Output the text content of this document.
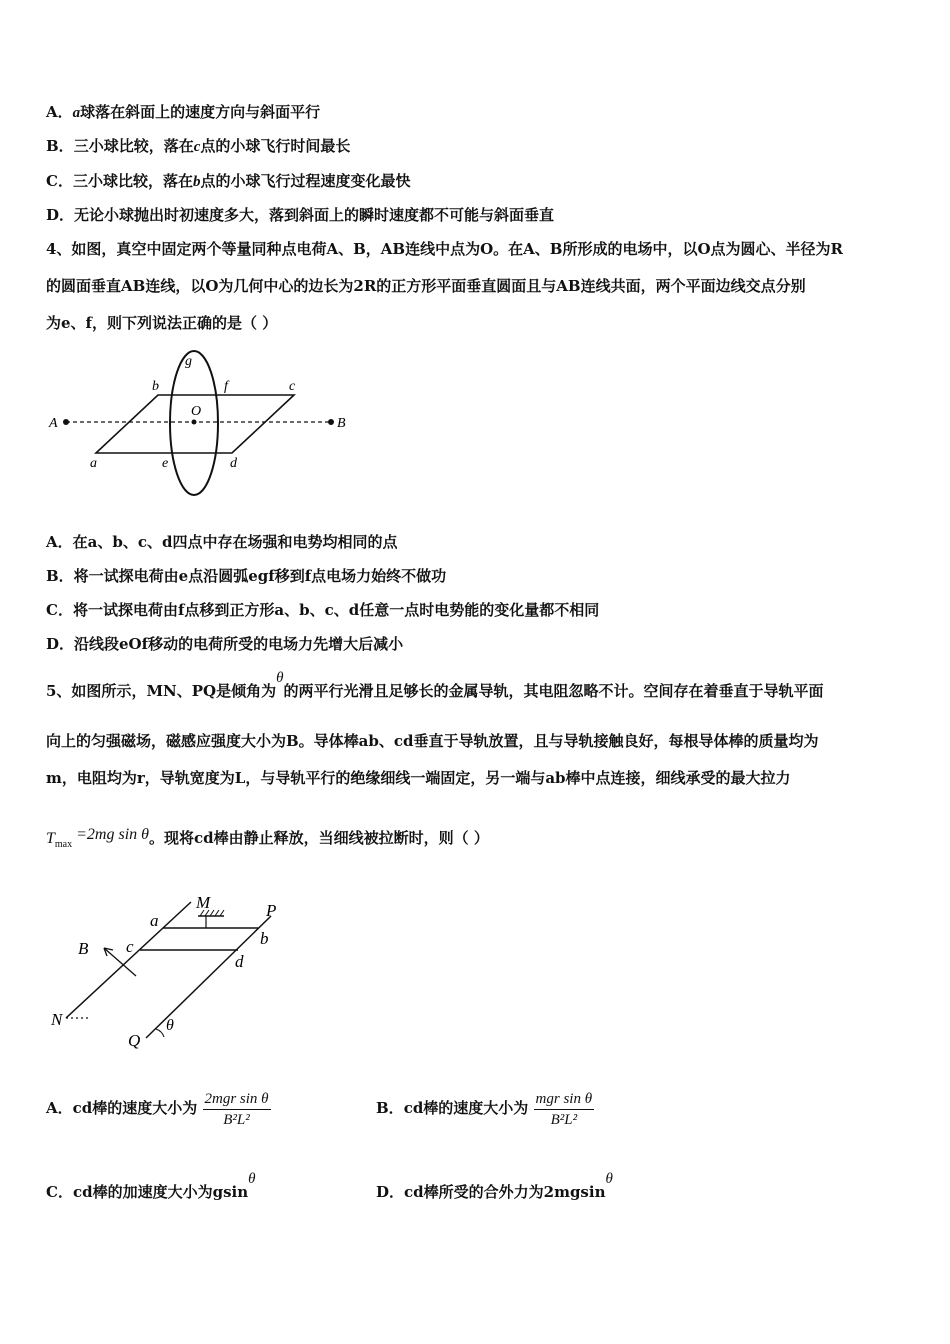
A．a球落在斜面上的速度方向与斜面平行
B．三小球比较，落在c点的小球飞行时间最长
C．三小球比较，落在b点的小球飞行过程速度变化最快
D．无论小球抛出时初速度多大，落到斜面上的瞬时速度都不可能与斜面垂直
4、如图，真空中固定两个等量同种点电荷A、B，AB连线中点为O。在A、B所形成的电场中，以O点为圆心、半径为R
的圆面垂直AB连线，以O为几何中心的边长为2R的正方形平面垂直圆面且与AB连线共面，两个平面边线交点分别
为e、f，则下列说法正确的是（ ）
A	B
O
a
b	c
d
e
f
g
A．在a、b、c、d四点中存在场强和电势均相同的点
B．将一试探电荷由e点沿圆弧egf移到f点电场力始终不做功
C．将一试探电荷由f点移到正方形a、b、c、d任意一点时电势能的变化量都不相同
D．沿线段eOf移动的电荷所受的电场力先增大后减小
5、如图所示，MN、PQ是倾角为θ的两平行光滑且足够长的金属导轨，其电阻忽略不计。空间存在着垂直于导轨平面
向上的匀强磁场，磁感应强度大小为B。导体棒ab、cd垂直于导轨放置，且与导轨接触良好，每根导体棒的质量均为
m，电阻均为r，导轨宽度为L，与导轨平行的绝缘细线一端固定，另一端与ab棒中点连接，细线承受的最大拉力
$T_{max} =2mg$ sin θ。现将cd棒由静止释放，当细线被拉断时，则（ ）
M	P
a
b
c
d
B
N
Q
θ
A．cd棒的速度大小为 $\frac{\text{2mgr sin θ}}{\text{B²L²}}$	B．cd棒的速度大小为 $\frac{\text{mgr sin θ}}{\text{B²L²}}$
C．cd棒的加速度大小为gsinθ
D．cd棒所受的合外力为2mgsinθ
